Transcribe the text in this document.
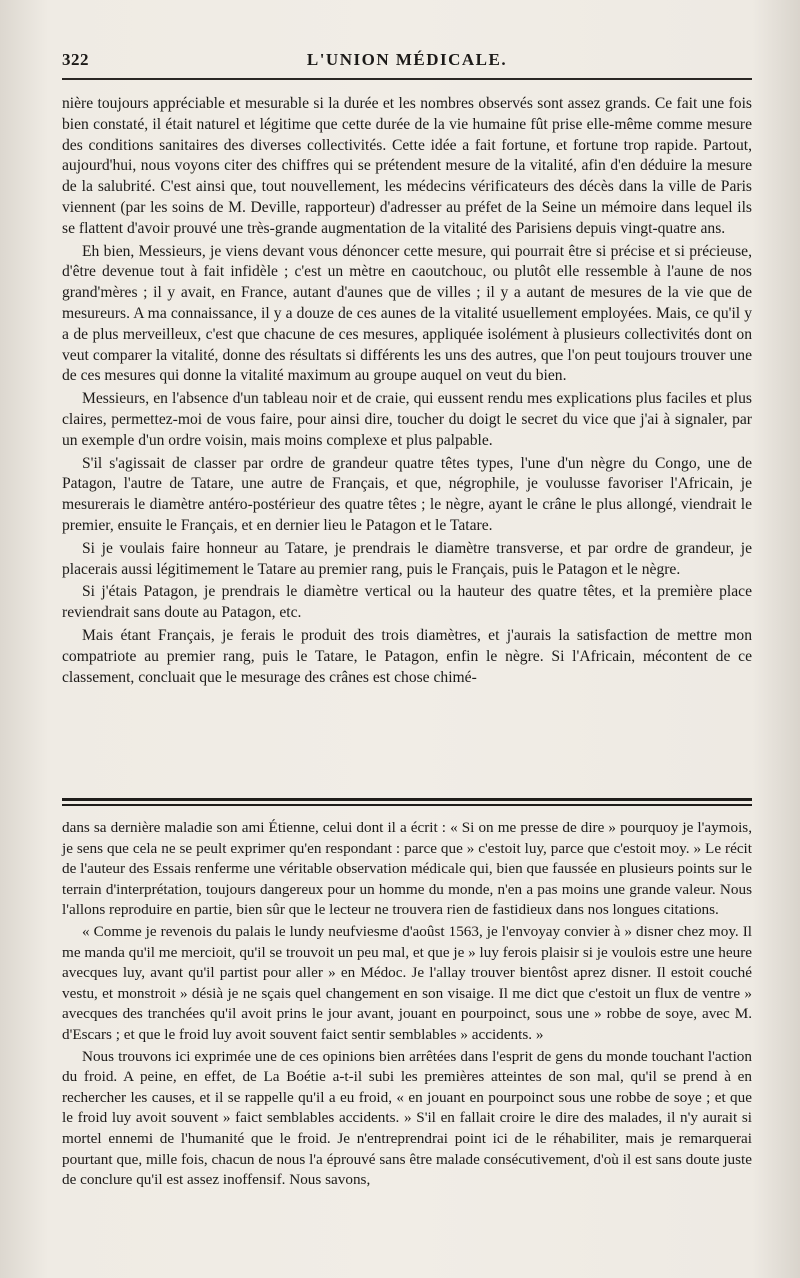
322	L'UNION MÉDICALE.

nière toujours appréciable et mesurable si la durée et les nombres observés sont assez grands. Ce fait une fois bien constaté, il était naturel et légitime que cette durée de la vie humaine fût prise elle-même comme mesure des conditions sanitaires des diverses collectivités. Cette idée a fait fortune, et fortune trop rapide. Partout, aujourd'hui, nous voyons citer des chiffres qui se prétendent mesure de la vitalité, afin d'en déduire la mesure de la salubrité. C'est ainsi que, tout nouvellement, les médecins vérificateurs des décès dans la ville de Paris viennent (par les soins de M. Deville, rapporteur) d'adresser au préfet de la Seine un mémoire dans lequel ils se flattent d'avoir prouvé une très-grande augmentation de la vitalité des Parisiens depuis vingt-quatre ans.

Eh bien, Messieurs, je viens devant vous dénoncer cette mesure, qui pourrait être si précise et si précieuse, d'être devenue tout à fait infidèle ; c'est un mètre en caoutchouc, ou plutôt elle ressemble à l'aune de nos grand'mères ; il y avait, en France, autant d'aunes que de villes ; il y a autant de mesures de la vie que de mesureurs. A ma connaissance, il y a douze de ces aunes de la vitalité usuellement employées. Mais, ce qu'il y a de plus merveilleux, c'est que chacune de ces mesures, appliquée isolément à plusieurs collectivités dont on veut comparer la vitalité, donne des résultats si différents les uns des autres, que l'on peut toujours trouver une de ces mesures qui donne la vitalité maximum au groupe auquel on veut du bien.

Messieurs, en l'absence d'un tableau noir et de craie, qui eussent rendu mes explications plus faciles et plus claires, permettez-moi de vous faire, pour ainsi dire, toucher du doigt le secret du vice que j'ai à signaler, par un exemple d'un ordre voisin, mais moins complexe et plus palpable.

S'il s'agissait de classer par ordre de grandeur quatre têtes types, l'une d'un nègre du Congo, une de Patagon, l'autre de Tatare, une autre de Français, et que, négrophile, je voulusse favoriser l'Africain, je mesurerais le diamètre antéro-postérieur des quatre têtes ; le nègre, ayant le crâne le plus allongé, viendrait le premier, ensuite le Français, et en dernier lieu le Patagon et le Tatare.

Si je voulais faire honneur au Tatare, je prendrais le diamètre transverse, et par ordre de grandeur, je placerais aussi légitimement le Tatare au premier rang, puis le Français, puis le Patagon et le nègre.

Si j'étais Patagon, je prendrais le diamètre vertical ou la hauteur des quatre têtes, et la première place reviendrait sans doute au Patagon, etc.

Mais étant Français, je ferais le produit des trois diamètres, et j'aurais la satisfaction de mettre mon compatriote au premier rang, puis le Tatare, le Patagon, enfin le nègre. Si l'Africain, mécontent de ce classement, concluait que le mesurage des crânes est chose chimé-

dans sa dernière maladie son ami Étienne, celui dont il a écrit : « Si on me presse de dire » pourquoy je l'aymois, je sens que cela ne se peult exprimer qu'en respondant : parce que » c'estoit luy, parce que c'estoit moy. » Le récit de l'auteur des Essais renferme une véritable observation médicale qui, bien que faussée en plusieurs points sur le terrain d'interprétation, toujours dangereux pour un homme du monde, n'en a pas moins une grande valeur. Nous l'allons reproduire en partie, bien sûr que le lecteur ne trouvera rien de fastidieux dans nos longues citations.

« Comme je revenois du palais le lundy neufviesme d'aoûst 1563, je l'envoyay convier à » disner chez moy. Il me manda qu'il me mercioit, qu'il se trouvoit un peu mal, et que je » luy ferois plaisir si je voulois estre une heure avecques luy, avant qu'il partist pour aller » en Médoc. Je l'allay trouver bientôst aprez disner. Il estoit couché vestu, et monstroit » désià je ne sçais quel changement en son visaige. Il me dict que c'estoit un flux de ventre » avecques des tranchées qu'il avoit prins le jour avant, jouant en pourpoinct, sous une » robbe de soye, avec M. d'Escars ; et que le froid luy avoit souvent faict sentir semblables » accidents. »

Nous trouvons ici exprimée une de ces opinions bien arrêtées dans l'esprit de gens du monde touchant l'action du froid. A peine, en effet, de La Boétie a-t-il subi les premières atteintes de son mal, qu'il se prend à en rechercher les causes, et il se rappelle qu'il a eu froid, « en jouant en pourpoinct sous une robbe de soye ; et que le froid luy avoit souvent » faict semblables accidents. » S'il en fallait croire le dire des malades, il n'y aurait si mortel ennemi de l'humanité que le froid. Je n'entreprendrai point ici de le réhabiliter, mais je remarquerai pourtant que, mille fois, chacun de nous l'a éprouvé sans être malade consécutivement, d'où il est sans doute juste de conclure qu'il est assez inoffensif. Nous savons,
